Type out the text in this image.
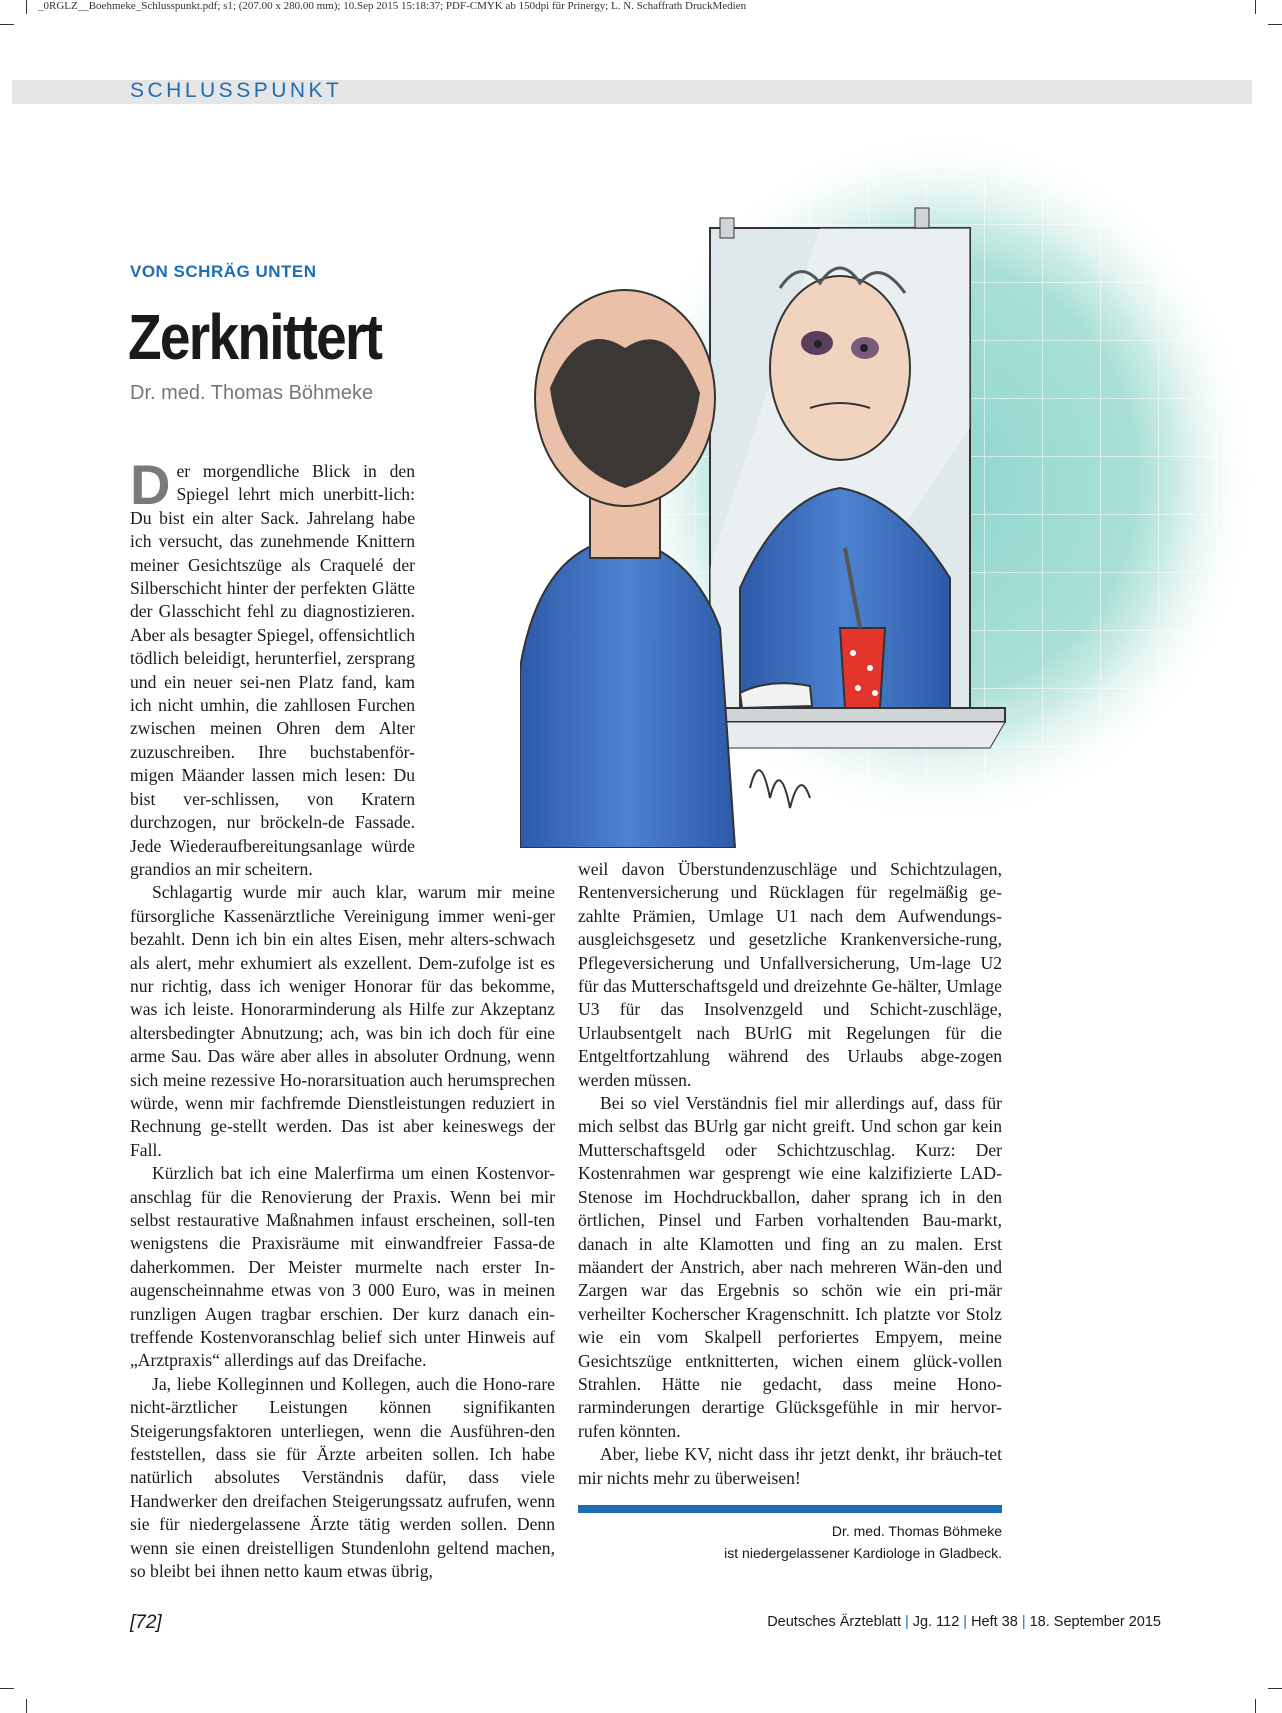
_0RGLZ__Boehmeke_Schlusspunkt.pdf; s1; (207.00 x 280.00 mm); 10.Sep 2015 15:18:37; PDF-CMYK ab 150dpi für Prinergy; L. N. Schaffrath DruckMedien
SCHLUSSPUNKT
VON SCHRÄG UNTEN
Zerknittert
Dr. med. Thomas Böhmeke

Der morgendliche Blick in den Spiegel lehrt mich unerbitt-lich: Du bist ein alter Sack. Jahrelang habe ich versucht, das zunehmende Knittern meiner Gesichtszüge als Craquelé der Silberschicht hinter der perfekten Glätte der Glasschicht fehl zu diagnostizieren. Aber als besagter Spiegel, offensichtlich tödlich beleidigt, herunterfiel, zersprang und ein neuer sei-nen Platz fand, kam ich nicht umhin, die zahllosen Furchen zwischen meinen Ohren dem Alter zuzuschreiben. Ihre buchstabenför-migen Mäander lassen mich lesen: Du bist ver-schlissen, von Kratern durchzogen, nur bröckeln-de Fassade. Jede Wiederaufbereitungsanlage würde grandios an mir scheitern.

Schlagartig wurde mir auch klar, warum mir meine fürsorgliche Kassenärztliche Vereinigung immer weni-ger bezahlt. Denn ich bin ein altes Eisen, mehr alters-schwach als alert, mehr exhumiert als exzellent. Dem-zufolge ist es nur richtig, dass ich weniger Honorar für das bekomme, was ich leiste. Honorarminderung als Hilfe zur Akzeptanz altersbedingter Abnutzung; ach, was bin ich doch für eine arme Sau. Das wäre aber alles in absoluter Ordnung, wenn sich meine rezessive Ho-norarsituation auch herumsprechen würde, wenn mir fachfremde Dienstleistungen reduziert in Rechnung ge-stellt werden. Das ist aber keineswegs der Fall.

Kürzlich bat ich eine Malerfirma um einen Kostenvor-anschlag für die Renovierung der Praxis. Wenn bei mir selbst restaurative Maßnahmen infaust erscheinen, soll-ten wenigstens die Praxisräume mit einwandfreier Fassa-de daherkommen. Der Meister murmelte nach erster In-augenscheinnahme etwas von 3 000 Euro, was in meinen runzligen Augen tragbar erschien. Der kurz danach ein-treffende Kostenvoranschlag belief sich unter Hinweis auf „Arztpraxis“ allerdings auf das Dreifache.

Ja, liebe Kolleginnen und Kollegen, auch die Hono-rare nicht-ärztlicher Leistungen können signifikanten Steigerungsfaktoren unterliegen, wenn die Ausführen-den feststellen, dass sie für Ärzte arbeiten sollen. Ich habe natürlich absolutes Verständnis dafür, dass viele Handwerker den dreifachen Steigerungssatz aufrufen, wenn sie für niedergelassene Ärzte tätig werden sollen. Denn wenn sie einen dreistelligen Stundenlohn geltend machen, so bleibt bei ihnen netto kaum etwas übrig,

weil davon Überstundenzuschläge und Schichtzulagen, Rentenversicherung und Rücklagen für regelmäßig ge-zahlte Prämien, Umlage U1 nach dem Aufwendungs-ausgleichsgesetz und gesetzliche Krankenversiche-rung, Pflegeversicherung und Unfallversicherung, Um-lage U2 für das Mutterschaftsgeld und dreizehnte Ge-hälter, Umlage U3 für das Insolvenzgeld und Schicht-zuschläge, Urlaubsentgelt nach BUrlG mit Regelungen für die Entgeltfortzahlung während des Urlaubs abge-zogen werden müssen.

Bei so viel Verständnis fiel mir allerdings auf, dass für mich selbst das BUrlg gar nicht greift. Und schon gar kein Mutterschaftsgeld oder Schichtzuschlag. Kurz: Der Kostenrahmen war gesprengt wie eine kalzifizierte LAD-Stenose im Hochdruckballon, daher sprang ich in den örtlichen, Pinsel und Farben vorhaltenden Bau-markt, danach in alte Klamotten und fing an zu malen. Erst mäandert der Anstrich, aber nach mehreren Wän-den und Zargen war das Ergebnis so schön wie ein pri-mär verheilter Kocherscher Kragenschnitt. Ich platzte vor Stolz wie ein vom Skalpell perforiertes Empyem, meine Gesichtszüge entknitterten, wichen einem glück-vollen Strahlen. Hätte nie gedacht, dass meine Hono-rarminderungen derartige Glücksgefühle in mir hervor-rufen könnten.

Aber, liebe KV, nicht dass ihr jetzt denkt, ihr bräuch-tet mir nichts mehr zu überweisen!

Dr. med. Thomas Böhmeke
ist niedergelassener Kardiologe in Gladbeck.
[72]	Deutsches Ärzteblatt | Jg. 112 | Heft 38 | 18. September 2015
